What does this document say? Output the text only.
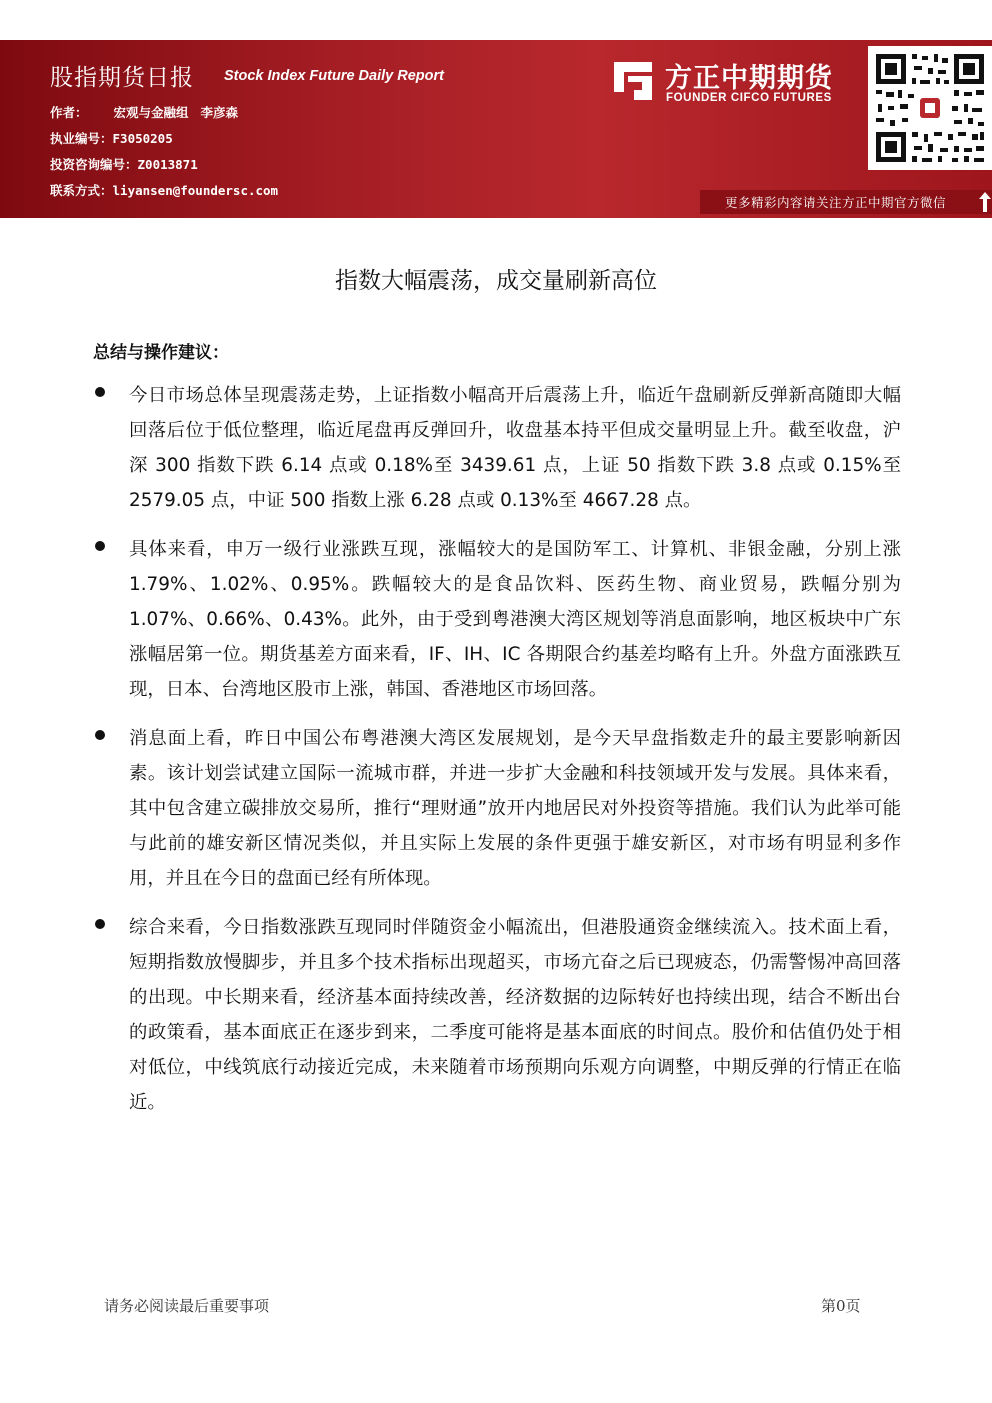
股指期货日报 Stock Index Future Daily Report
作者： 宏观与金融组 李彦森
执业编号：F3050205
投资咨询编号：Z0013871
联系方式：liyansen@foundersc.com
方正中期期货
FOUNDER CIFCO FUTURES
更多精彩内容请关注方正中期官方微信
指数大幅震荡，成交量刷新高位
总结与操作建议：

今日市场总体呈现震荡走势，上证指数小幅高开后震荡上升，临近午盘刷新反弹新高随即大幅回落后位于低位整理，临近尾盘再反弹回升，收盘基本持平但成交量明显上升。截至收盘，沪深 300 指数下跌 6.14 点或 0.18%至 3439.61 点，上证 50 指数下跌 3.8 点或 0.15%至 2579.05 点，中证 500 指数上涨 6.28 点或 0.13%至 4667.28 点。

具体来看，申万一级行业涨跌互现，涨幅较大的是国防军工、计算机、非银金融，分别上涨 1.79%、1.02%、0.95%。跌幅较大的是食品饮料、医药生物、商业贸易，跌幅分别为 1.07%、0.66%、0.43%。此外，由于受到粤港澳大湾区规划等消息面影响，地区板块中广东涨幅居第一位。期货基差方面来看，IF、IH、IC 各期限合约基差均略有上升。外盘方面涨跌互现，日本、台湾地区股市上涨，韩国、香港地区市场回落。

消息面上看，昨日中国公布粤港澳大湾区发展规划，是今天早盘指数走升的最主要影响新因素。该计划尝试建立国际一流城市群，并进一步扩大金融和科技领域开发与发展。具体来看，其中包含建立碳排放交易所，推行“理财通”放开内地居民对外投资等措施。我们认为此举可能与此前的雄安新区情况类似，并且实际上发展的条件更强于雄安新区，对市场有明显利多作用，并且在今日的盘面已经有所体现。

综合来看，今日指数涨跌互现同时伴随资金小幅流出，但港股通资金继续流入。技术面上看，短期指数放慢脚步，并且多个技术指标出现超买，市场亢奋之后已现疲态，仍需警惕冲高回落的出现。中长期来看，经济基本面持续改善，经济数据的边际转好也持续出现，结合不断出台的政策看，基本面底正在逐步到来，二季度可能将是基本面底的时间点。股价和估值仍处于相对低位，中线筑底行动接近完成，未来随着市场预期向乐观方向调整，中期反弹的行情正在临近。

请务必阅读最后重要事项	第0页
